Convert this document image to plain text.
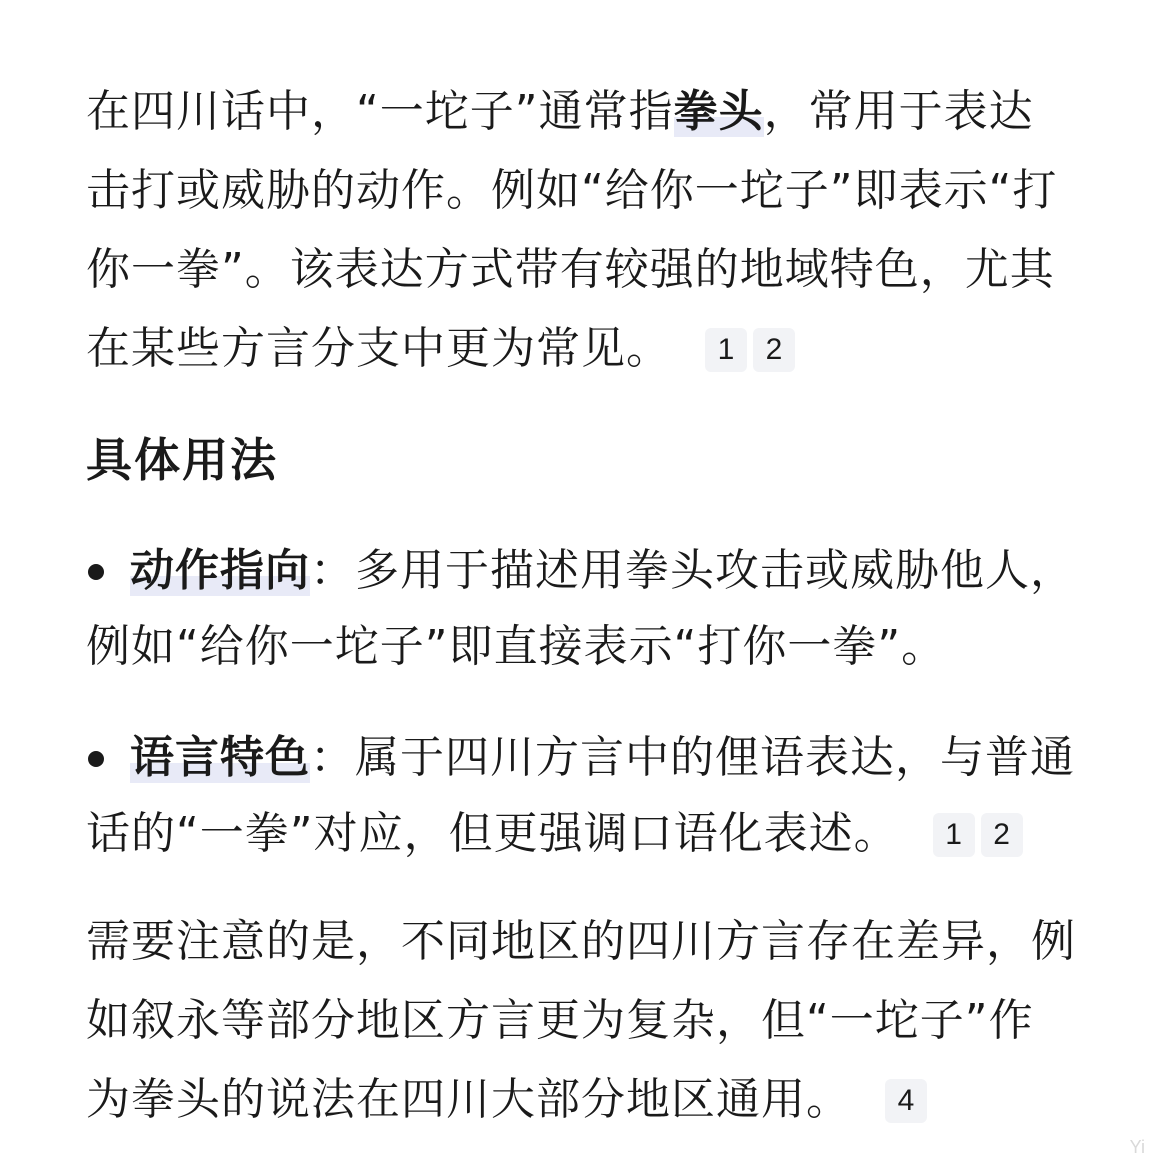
在四川话中，“一坨子”通常指拳头，常用于表达击打或威胁的动作。例如“给你一坨子”即表示“打你一拳”。该表达方式带有较强的地域特色，尤其在某些方言分支中更为常见。 1 2
具体用法
动作指向：多用于描述用拳头攻击或威胁他人，例如“给你一坨子”即直接表示“打你一拳”。
语言特色：属于四川方言中的俚语表达，与普通话的“一拳”对应，但更强调口语化表述。 1 2
需要注意的是，不同地区的四川方言存在差异，例如叙永等部分地区方言更为复杂，但“一坨子”作为拳头的说法在四川大部分地区通用。 4
Yi
